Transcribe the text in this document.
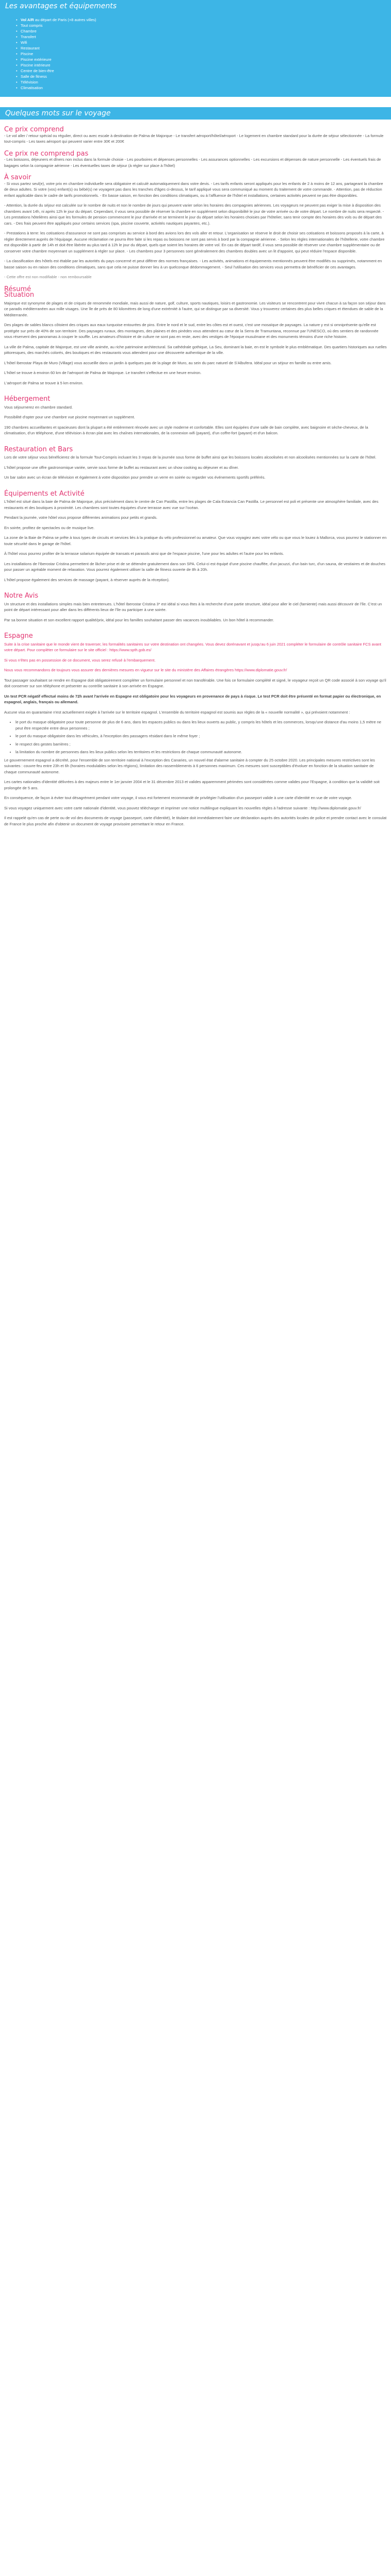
Les avantages et équipements
• Vol A/R au départ de Paris (+8 autres villes)
• Tout compris
• Chambre
• Transfert
• Wifi
• Restaurant
• Piscine
• Piscine extérieure
• Piscine intérieure
• Centre de bien-être
• Salle de fitness
• Télévision
• Climatisation
Quelques mots sur le voyage
Ce prix comprend

- Le vol aller / retour spécial ou régulier, direct ou avec escale à destination de Palma de Majorque - Le transfert aéroport/hôtel/aéroport - Le logement en chambre standard pour la durée de séjour sélectionnée - La formule tout-compris - Les taxes aéroport qui peuvent varier entre 30€ et 200€

Ce prix ne comprend pas

- Les boissons, déjeuners et dîners non inclus dans la formule choisie - Les pourboires et dépenses personnelles - Les assurances optionnelles - Les excursions et dépenses de nature personnelle - Les éventuels frais de bagages selon la compagnie aérienne - Les éventuelles taxes de séjour (à régler sur place à l'hôtel)

À savoir

- Si vous partez seul(e), votre prix en chambre individuelle sera obligatoire et calculé automatiquement dans votre devis. - Les tarifs enfants seront appliqués pour les enfants de 2 à moins de 12 ans, partageant la chambre de deux adultes. Si votre (vos) enfant(s) ou bébé(s) ne voyagent pas dans les tranches d'âges ci-dessus, le tarif appliqué vous sera communiqué au moment du traitement de votre commande. - Attention, pas de réduction enfant applicable dans le cadre de tarifs promotionnels. - En basse saison, en fonction des conditions climatiques, ou à l'affluence de l'hôtel et installations, certaines activités peuvent ne pas être disponibles.

- Attention, la durée du séjour est calculée sur le nombre de nuits et non le nombre de jours qui peuvent varier selon les horaires des compagnies aériennes. Les voyageurs ne peuvent pas exiger la mise à disposition des chambres avant 14h, ni après 12h le jour du départ. Cependant, il vous sera possible de réserver la chambre en supplément selon disponibilité le jour de votre arrivée ou de votre départ. Le nombre de nuits sera respecté. - Les prestations hôtelières ainsi que les formules de pension commencent le jour d'arrivée et se terminent le jour du départ selon les horaires choisies par l'hôtelier, sans tenir compte des horaires des vols ou de départ des cars. - Des frais peuvent être appliqués pour certains services (spa, piscine couverte, activités nautiques payantes, etc.).

- Prestations à terre: les cotisations d'assurance ne sont pas comprises au service à bord des avions lors des vols aller et retour. L'organisation se réserve le droit de choisir ses cotisations et boissons proposés à la carte, à régler directement auprès de l'équipage. Aucune réclamation ne pourra être faite si les repas ou boissons ne sont pas servis à bord par la compagnie aérienne. - Selon les règles internationales de l'hôtellerie, votre chambre est disponible à partir de 14h et doit être libérée au plus tard à 12h le jour du départ, quels que soient les horaires de votre vol. En cas de départ tardif, il vous sera possible de réserver une chambre supplémentaire ou de conserver votre chambre moyennant un supplément à régler sur place. - Les chambres pour 3 personnes sont généralement des chambres doubles avec un lit d'appoint, qui peut réduire l'espace disponible.

- La classification des hôtels est établie par les autorités du pays concerné et peut différer des normes françaises. - Les activités, animations et équipements mentionnés peuvent être modifiés ou supprimés, notamment en basse saison ou en raison des conditions climatiques, sans que cela ne puisse donner lieu à un quelconque dédommagement. - Seul l'utilisation des services vous permettra de bénéficier de ces avantages.

- Cette offre est non modifiable - non remboursable

Résumé
Situation

Majorque est synonyme de plages et de criques de renommée mondiale, mais aussi de nature, golf, culture, sports nautiques, loisirs et gastronomie. Les visiteurs se rencontrent pour vivre chacun à sa façon son séjour dans ce paradis méditerranéen aux mille visages. Une île de près de 80 kilomètres de long d'une extrémité à l'autre, qui se distingue par sa diversité. Vous y trouverez certaines des plus belles criques et étendues de sable de la Méditerranée.

Des plages de sables blancs côtoient des criques aux eaux turquoise entourées de pins. Entre le nord et le sud, entre les côtes est et ouest, c'est une mosaïque de paysages. La nature y est si omniprésente qu'elle est protégée sur près de 40% de son territoire. Des paysages ruraux, des montagnes, des plaines et des pinèdes vous attendent au cœur de la Serra de Tramuntana, reconnue par l'UNESCO, où des sentiers de randonnée vous réservent des panoramas à couper le souffle. Les amateurs d'histoire et de culture ne sont pas en reste, avec des vestiges de l'époque musulmane et des monuments témoins d'une riche histoire.

La ville de Palma, capitale de Majorque, est une ville animée, au riche patrimoine architectural. Sa cathédrale gothique, La Seu, dominant la baie, en est le symbole le plus emblématique. Des quartiers historiques aux ruelles pittoresques, des marchés colorés, des boutiques et des restaurants vous attendent pour une découverte authentique de la ville.

L'hôtel Iberostar Playa de Muro (Village) vous accueille dans un jardin à quelques pas de la plage de Muro, au sein du parc naturel de S'Albufera. Idéal pour un séjour en famille ou entre amis.

L'hôtel se trouve à environ 60 km de l'aéroport de Palma de Majorque. Le transfert s'effectue en une heure environ.

L'aéroport de Palma se trouve à 5 km environ.

Hébergement

Vous séjournerez en chambre standard.

Possibilité d'opter pour une chambre vue piscine moyennant un supplément.

190 chambres accueillantes et spacieuses dont la plupart a été entièrement rénovée avec un style moderne et confortable. Elles sont équipées d'une salle de bain complète, avec baignoire et sèche-cheveux, de la climatisation, d'un téléphone, d'une télévision à écran plat avec les chaînes internationales, de la connexion wifi (payant), d'un coffre-fort (payant) et d'un balcon.

Restauration et Bars

Lors de votre séjour vous bénéficierez de la formule Tout-Compris incluant les 3 repas de la journée sous forme de buffet ainsi que les boissons locales alcoolisées et non alcoolisées mentionnées sur la carte de l'hôtel.

L'hôtel propose une offre gastronomique variée, servie sous forme de buffet au restaurant avec un show cooking au déjeuner et au dîner.

Un bar salon avec un écran de télévision et également à votre disposition pour prendre un verre en soirée ou regarder vos événements sportifs préférés.

Équipements et Activité

L'hôtel est situé dans la baie de Palma de Majorque, plus précisément dans le centre de Can Pastilla, entre les plages de Cala Estancia Can Pastilla. Le personnel est poli et présente une atmosphère familiale, avec des restaurants et des boutiques à proximité. Les chambres sont toutes équipées d'une terrasse avec vue sur l'océan.

Pendant la journée, votre hôtel vous propose différentes animations pour petits et grands.

En soirée, profitez de spectacles ou de musique live.

La zone de la Baie de Palma se prête à tous types de circuits et services liés à la pratique du vélo professionnel ou amateur. Que vous voyagiez avec votre vélo ou que vous le louiez à Mallorca, vous pourrez le stationner en toute sécurité dans le garage de l'hôtel.

À l'hôtel vous pourrez profiter de la terrasse solarium équipée de transats et parasols ainsi que de l'espace piscine, l'une pour les adultes et l'autre pour les enfants.

Les installations de l'Iberostar Cristina permettent de lâcher prise et de se détendre gratuitement dans son SPA. Celui-ci est équipé d'une piscine chauffée, d'un jacuzzi, d'un bain turc, d'un sauna, de vestiaires et de douches pour passer un agréable moment de relaxation. Vous pourrez également utiliser la salle de fitness ouverte de 8h à 20h.

L'hôtel propose également des services de massage (payant, à réserver auprès de la réception).

Notre Avis

Un structure et des installations simples mais bien entretenues. L'hôtel Iberostar Cristina 3* est idéal si vous êtes à la recherche d'une partie structure, idéal pour aller le ciel (farniente) mais aussi découvrir de l'île. C'est un point de départ intéressant pour aller dans les différents lieux de l'île ou participer à une soirée.

Par sa bonne situation et son excellent rapport qualité/prix, idéal pour les familles souhaitant passer des vacances inoubliables. Un bon hôtel à recommander.

Espagne

Suite à la crise sanitaire que le monde vient de traverser, les formalités sanitaires sur votre destination ont changées. Vous devez dorénavant et jusqu'au 6 juin 2021 compléter le formulaire de contrôle sanitaire FCS avant votre départ. Pour compléter ce formulaire sur le site officiel : https://www.spth.gob.es/

Si vous n'êtes pas en possession de ce document, vous serez refusé à l'embarquement.

Nous vous recommandons de toujours vous assurer des dernières mesures en vigueur sur le site du ministère des Affaires étrangères https://www.diplomatie.gouv.fr/

Tout passager souhaitant se rendre en Espagne doit obligatoirement compléter un formulaire personnel et non transférable. Une fois ce formulaire complété et signé, le voyageur reçoit un QR code associé à son voyage qu'il doit conserver sur son téléphone et présenter au contrôle sanitaire à son arrivée en Espagne.

Un test PCR négatif effectué moins de 72h avant l'arrivée en Espagne est obligatoire pour les voyageurs en provenance de pays à risque. Le test PCR doit être présenté en format papier ou électronique, en espagnol, anglais, français ou allemand.

Aucune visa en quarantaine n'est actuellement exigée à l'arrivée sur le territoire espagnol. L'ensemble du territoire espagnol est soumis aux règles de la « nouvelle normalité », qui prévoient notamment :

• le port du masque obligatoire pour toute personne de plus de 6 ans, dans les espaces publics ou dans les lieux ouverts au public, y compris les hôtels et les commerces, lorsqu'une distance d'au moins 1,5 mètre ne peut être respectée entre deux personnes ;
• le port du masque obligatoire dans les véhicules, à l'exception des passagers résidant dans le même foyer ;
• le respect des gestes barrières ;
• la limitation du nombre de personnes dans les lieux publics selon les territoires et les restrictions de chaque communauté autonome.

Le gouvernement espagnol a décrété, pour l'ensemble de son territoire national à l'exception des Canaries, un nouvel état d'alarme sanitaire à compter du 25 octobre 2020. Les principales mesures restrictives sont les suivantes : couvre-feu entre 23h et 6h (horaires modulables selon les régions), limitation des rassemblements à 6 personnes maximum. Ces mesures sont susceptibles d'évoluer en fonction de la situation sanitaire de chaque communauté autonome.

Les cartes nationales d'identité délivrées à des majeurs entre le 1er janvier 2004 et le 31 décembre 2013 et valides apparemment périmées sont considérées comme valides pour l'Espagne, à condition que la validité soit prolongée de 5 ans.

En conséquence, de façon à éviter tout désagrément pendant votre voyage, il vous est fortement recommandé de privilégier l'utilisation d'un passeport valide à une carte d'identité en vue de votre voyage.

Si vous voyagez uniquement avec votre carte nationale d'identité, vous pouvez télécharger et imprimer une notice multilingue expliquant les nouvelles règles à l'adresse suivante : http://www.diplomatie.gouv.fr/

Il est rappelé qu'en cas de perte ou de vol des documents de voyage (passeport, carte d'identité), le titulaire doit immédiatement faire une déclaration auprès des autorités locales de police et prendre contact avec le consulat de France le plus proche afin d'obtenir un document de voyage provisoire permettant le retour en France.
